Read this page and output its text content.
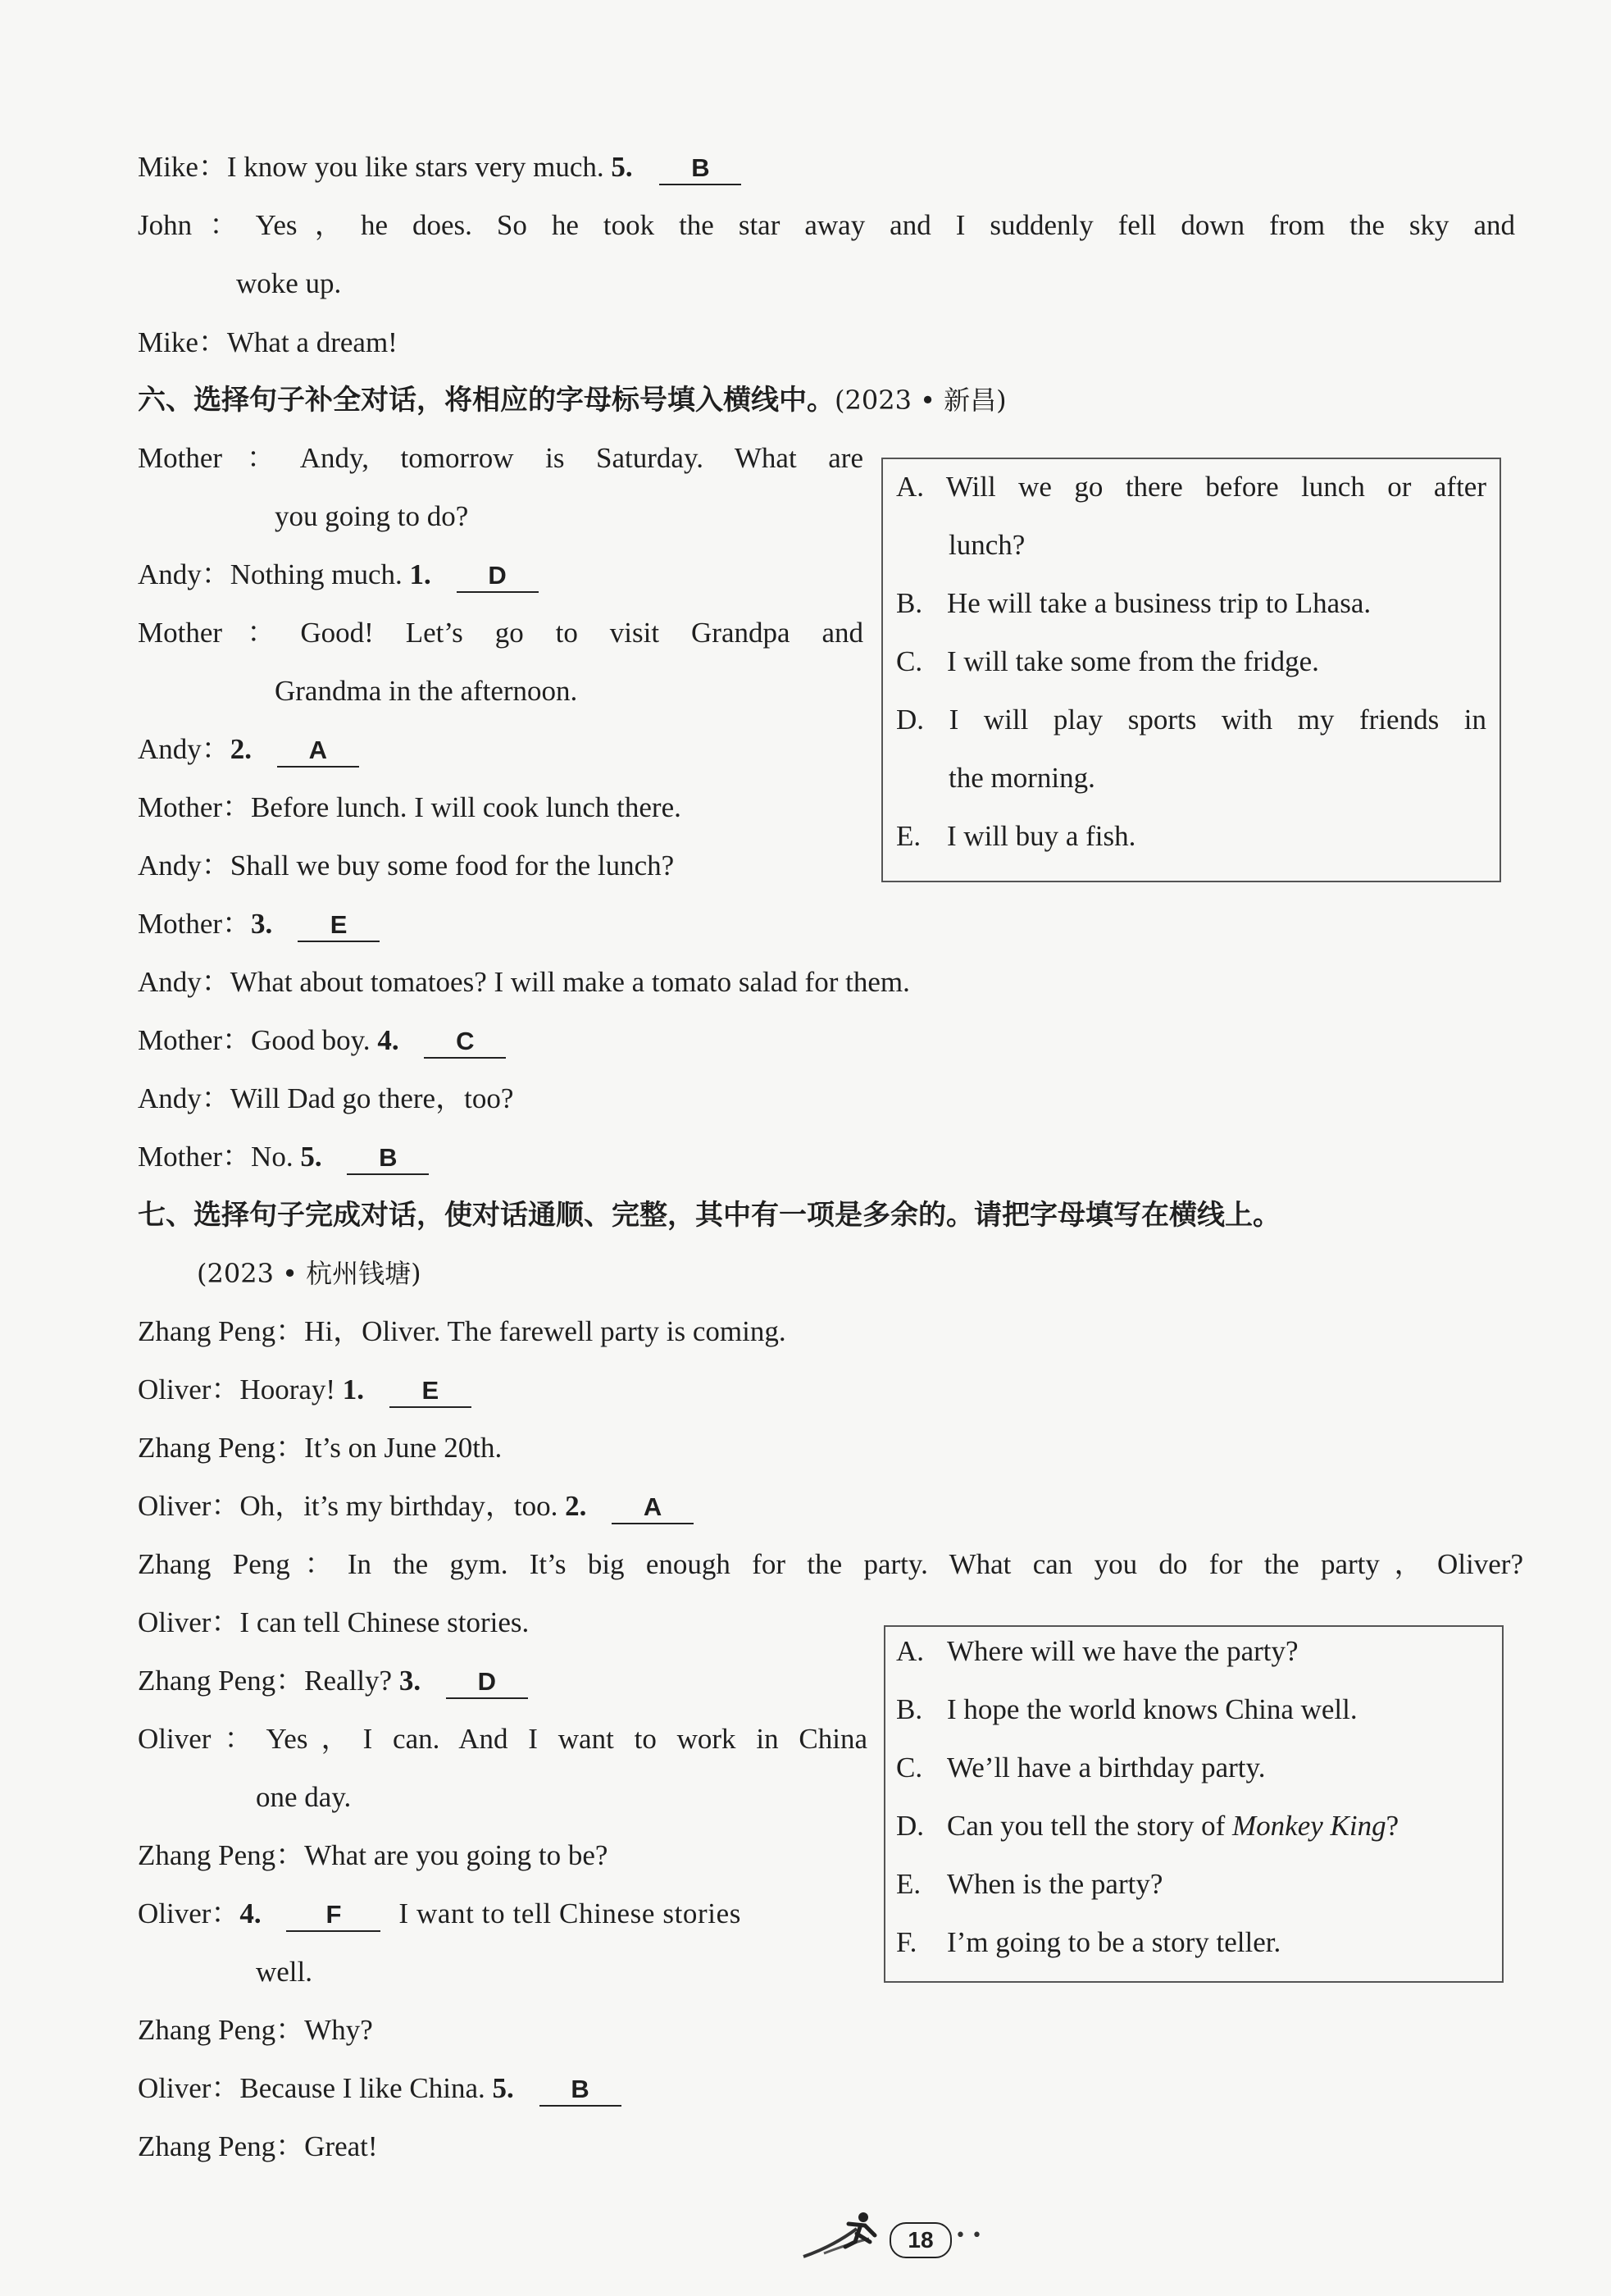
Mike：I know you like stars very much. 5. B
John：Yes，he does. So he took the star away and I suddenly fell down from the sky and
woke up.
Mike：What a dream!
六、选择句子补全对话，将相应的字母标号填入横线中。(2023 • 新昌)
Mother：Andy, tomorrow is Saturday. What are
you going to do?
Andy：Nothing much. 1. D
Mother：Good! Let’s go to visit Grandpa and
Grandma in the afternoon.
Andy：2. A
Mother：Before lunch. I will cook lunch there.
Andy：Shall we buy some food for the lunch?
Mother：3. E
Andy：What about tomatoes? I will make a tomato salad for them.
Mother：Good boy. 4. C
Andy：Will Dad go there，too?
Mother：No. 5. B
A. Will we go there before lunch or after
lunch?
B. He will take a business trip to Lhasa.
C. I will take some from the fridge.
D. I will play sports with my friends in
the morning.
E. I will buy a fish.
七、选择句子完成对话，使对话通顺、完整，其中有一项是多余的。请把字母填写在横线上。
(2023 • 杭州钱塘)
Zhang Peng：Hi，Oliver. The farewell party is coming.
Oliver：Hooray! 1. E
Zhang Peng：It’s on June 20th.
Oliver：Oh，it’s my birthday，too. 2. A
Zhang Peng：In the gym. It’s big enough for the party. What can you do for the party，Oliver?
Oliver：I can tell Chinese stories.
Zhang Peng：Really? 3. D
Oliver：Yes，I can. And I want to work in China
one day.
Zhang Peng：What are you going to be?
Oliver：4.	F I want to tell Chinese stories
well.
Zhang Peng：Why?
Oliver：Because I like China. 5. B
Zhang Peng：Great!
A. Where will we have the party?
B. I hope the world knows China well.
C. We’ll have a birthday party.
D. Can you tell the story of Monkey King?
E. When is the party?
F. I’m going to be a story teller.
18	• •
